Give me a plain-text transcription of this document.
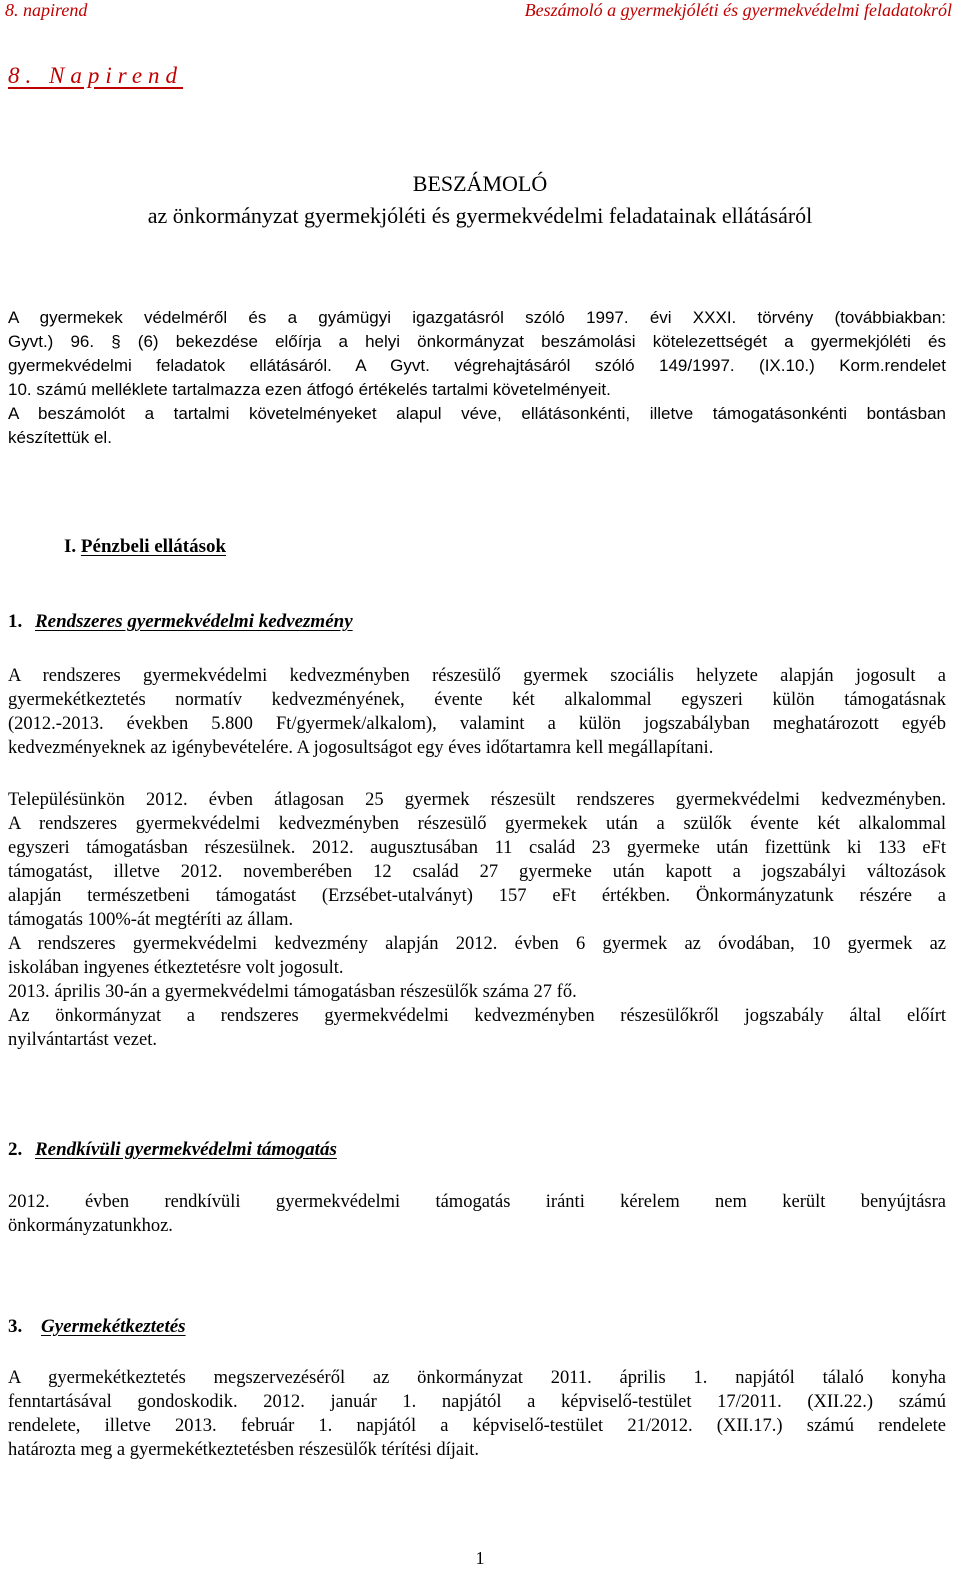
8. napirend	Beszámoló a gyermekjóléti és gyermekvédelmi feladatokról
8. Napirend
BESZÁMOLÓ
az önkormányzat gyermekjóléti és gyermekvédelmi feladatainak ellátásáról
A gyermekek védelméről és a gyámügyi igazgatásról szóló 1997. évi XXXI. törvény (továbbiakban:
Gyvt.) 96. § (6) bekezdése előírja a helyi önkormányzat beszámolási kötelezettségét a gyermekjóléti és
gyermekvédelmi feladatok ellátásáról. A Gyvt. végrehajtásáról szóló 149/1997. (IX.10.) Korm.rendelet
10. számú melléklete tartalmazza ezen átfogó értékelés tartalmi követelményeit.
A beszámolót a tartalmi követelményeket alapul véve, ellátásonkénti, illetve támogatásonkénti bontásban
készítettük el.
I. Pénzbeli ellátások
1. Rendszeres gyermekvédelmi kedvezmény
A rendszeres gyermekvédelmi kedvezményben részesülő gyermek szociális helyzete alapján jogosult a
gyermekétkeztetés normatív kedvezményének, évente két alkalommal egyszeri külön támogatásnak
(2012.-2013. években 5.800 Ft/gyermek/alkalom), valamint a külön jogszabályban meghatározott egyéb
kedvezményeknek az igénybevételére. A jogosultságot egy éves időtartamra kell megállapítani.
Településünkön 2012. évben átlagosan 25 gyermek részesült rendszeres gyermekvédelmi kedvezményben.
A rendszeres gyermekvédelmi kedvezményben részesülő gyermekek után a szülők évente két alkalommal
egyszeri támogatásban részesülnek. 2012. augusztusában 11 család 23 gyermeke után fizettünk ki 133 eFt
támogatást, illetve 2012. novemberében 12 család 27 gyermeke után kapott a jogszabályi változások
alapján természetbeni támogatást (Erzsébet-utalványt) 157 eFt értékben. Önkormányzatunk részére a
támogatás 100%-át megtéríti az állam.
A rendszeres gyermekvédelmi kedvezmény alapján 2012. évben 6 gyermek az óvodában, 10 gyermek az
iskolában ingyenes étkeztetésre volt jogosult.
2013. április 30-án a gyermekvédelmi támogatásban részesülők száma 27 fő.
Az önkormányzat a rendszeres gyermekvédelmi kedvezményben részesülőkről jogszabály által előírt
nyilvántartást vezet.
2. Rendkívüli gyermekvédelmi támogatás
2012. évben rendkívüli gyermekvédelmi támogatás iránti kérelem nem került benyújtásra
önkormányzatunkhoz.
3. Gyermekétkeztetés
A gyermekétkeztetés megszervezéséről az önkormányzat 2011. április 1. napjától tálaló konyha
fenntartásával gondoskodik. 2012. január 1. napjától a képviselő-testület 17/2011. (XII.22.) számú
rendelete, illetve 2013. február 1. napjától a képviselő-testület 21/2012. (XII.17.) számú rendelete
határozta meg a gyermekétkeztetésben részesülők térítési díjait.
1
